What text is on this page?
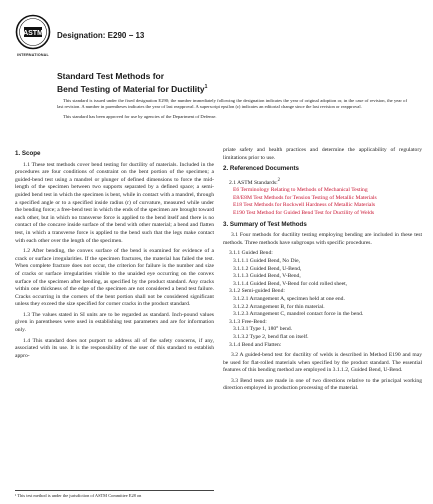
ASTM
INTERNATIONAL
Designation: E290 − 13
Standard Test Methods for
Bend Testing of Material for Ductility$^1$

This standard is issued under the fixed designation E290; the number immediately following the designation indicates the year of original adoption or, in the case of revision, the year of last revision. A number in parentheses indicates the year of last reapproval. A superscript epsilon (ε) indicates an editorial change since the last revision or reapproval.

This standard has been approved for use by agencies of the Department of Defense.

1. Scope

1.1 These test methods cover bend testing for ductility of materials. Included in the procedures are four conditions of constraint on the bent portion of the specimen; a guided-bend test using a mandrel or plunger of defined dimensions to force the mid-length of the specimen between two supports separated by a defined space; a semi-guided bend test in which the specimen is bent, while in contact with a mandrel, through a specified angle or to a specified inside radius (r) of curvature, measured while under the bending force; a free-bend test in which the ends of the specimen are brought toward each other, but in which no transverse force is applied to the bend itself and there is no contact of the concave inside surface of the bend with other material; a bend and flatten test, in which a transverse force is applied to the bend such that the legs make contact with each other over the length of the specimen.

1.2 After bending, the convex surface of the bend is examined for evidence of a crack or surface irregularities. If the specimen fractures, the material has failed the test. When complete fracture does not occur, the criterion for failure is the number and size of cracks or surface irregularities visible to the unaided eye occurring on the convex surface of the specimen after bending, as specified by the product standard. Any cracks within one thickness of the edge of the specimen are not considered a bend test failure. Cracks occurring in the corners of the bent portion shall not be considered significant unless they exceed the size specified for corner cracks in the product standard.

1.3 The values stated in SI units are to be regarded as standard. Inch-pound values given in parentheses were used in establishing test parameters and are for information only.

1.4 This standard does not purport to address all of the safety concerns, if any, associated with its use. It is the responsibility of the user of this standard to establish appro-

priate safety and health practices and determine the applicability of regulatory limitations prior to use.

2. Referenced Documents
2.1 ASTM Standards:$^2$
E6 Terminology Relating to Methods of Mechanical Testing
E8/E8M Test Methods for Tension Testing of Metallic Materials
E18 Test Methods for Rockwell Hardness of Metallic Materials
E190 Test Method for Guided Bend Test for Ductility of Welds
3. Summary of Test Methods

3.1 Four methods for ductility testing employing bending are included in these test methods. Three methods have subgroups with specific procedures.

3.1.1 Guided Bend:
3.1.1.1 Guided Bend, No Die,
3.1.1.2 Guided Bend, U-Bend,
3.1.1.3 Guided Bend, V-Bend,
3.1.1.4 Guided Bend, V-Bend for cold rolled sheet,
3.1.2 Semi-guided Bend:
3.1.2.1 Arrangement A, specimen held at one end.
3.1.2.2 Arrangement B, for thin material.
3.1.2.3 Arrangement C, mandrel contact force in the bend.
3.1.3 Free-Bend:
3.1.3.1 Type 1, 180° bend.
3.1.3.2 Type 2, bend flat on itself.
3.1.4 Bend and Flatten:

3.2 A guided-bend test for ductility of welds is described in Method E190 and may be used for flat-rolled materials when specified by the product standard. The essential features of this bending method are employed in 3.1.1.2, Guided Bend, U-Bend.

3.3 Bend tests are made in one of two directions relative to the principal working direction employed in production processing of the material.

¹ This test method is under the jurisdiction of ASTM Committee E28 on
